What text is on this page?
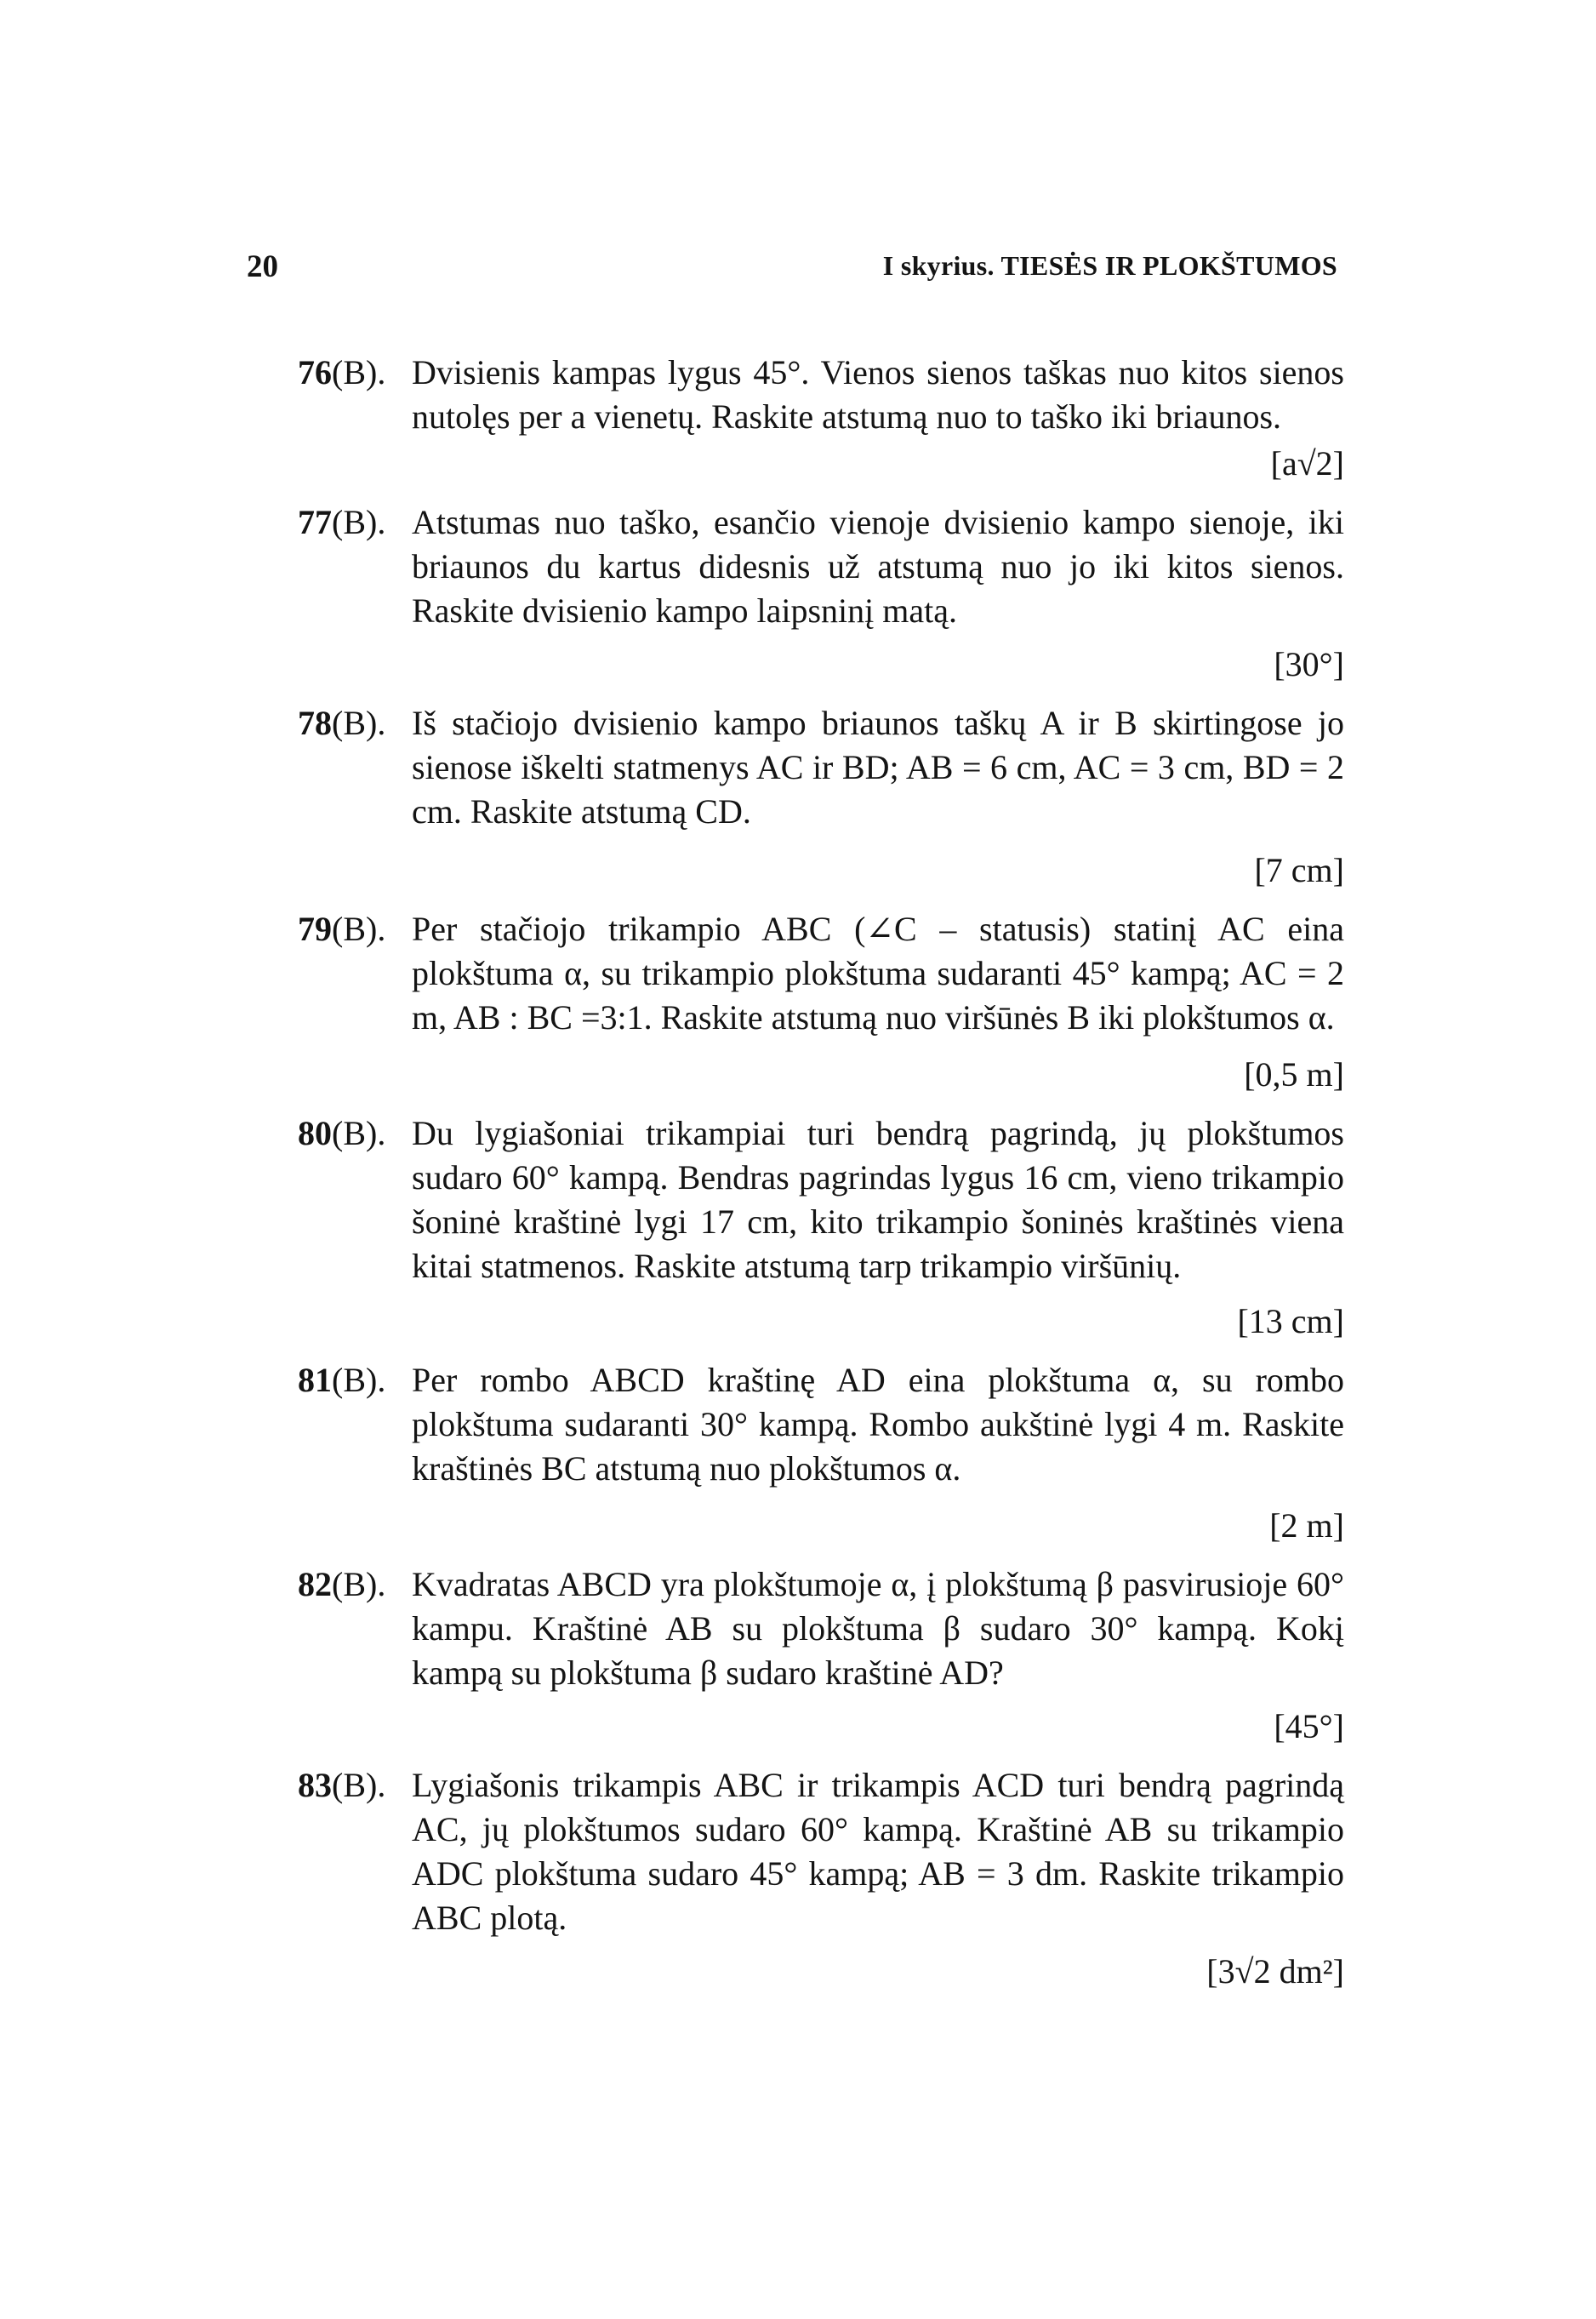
20	I skyrius. TIESĖS IR PLOKŠTUMOS
76(B). Dvisienis kampas lygus 45°. Vienos sienos taškas nuo kitos sienos nutolęs per a vienetų. Raskite atstumą nuo to taško iki briaunos.
[a√2]
77(B). Atstumas nuo taško, esančio vienoje dvisienio kampo sienoje, iki briaunos du kartus didesnis už atstumą nuo jo iki kitos sienos. Raskite dvisienio kampo laipsninį matą.
[30°]
78(B). Iš stačiojo dvisienio kampo briaunos taškų A ir B skirtingose jo sienose iškelti statmenys AC ir BD; AB = 6 cm, AC = 3 cm, BD = 2 cm. Raskite atstumą CD.
[7 cm]
79(B). Per stačiojo trikampio ABC (∠C – statusis) statinį AC eina plokštuma α, su trikampio plokštuma sudaranti 45° kampą; AC = 2 m, AB : BC =3:1. Raskite atstumą nuo viršūnės B iki plokštumos α.
[0,5 m]
80(B). Du lygiašoniai trikampiai turi bendrą pagrindą, jų plokštumos sudaro 60° kampą. Bendras pagrindas lygus 16 cm, vieno trikampio šoninė kraštinė lygi 17 cm, kito trikampio šoninės kraštinės viena kitai statmenos. Raskite atstumą tarp trikampio viršūnių.
[13 cm]
81(B). Per rombo ABCD kraštinę AD eina plokštuma α, su rombo plokštuma sudaranti 30° kampą. Rombo aukštinė lygi 4 m. Raskite kraštinės BC atstumą nuo plokštumos α.
[2 m]
82(B). Kvadratas ABCD yra plokštumoje α, į plokštumą β pasvirusioje 60° kampu. Kraštinė AB su plokštuma β sudaro 30° kampą. Kokį kampą su plokštuma β sudaro kraštinė AD?
[45°]
83(B). Lygiašonis trikampis ABC ir trikampis ACD turi bendrą pagrindą AC, jų plokštumos sudaro 60° kampą. Kraštinė AB su trikampio ADC plokštuma sudaro 45° kampą; AB = 3 dm. Raskite trikampio ABC plotą.
[3√2 dm²]
